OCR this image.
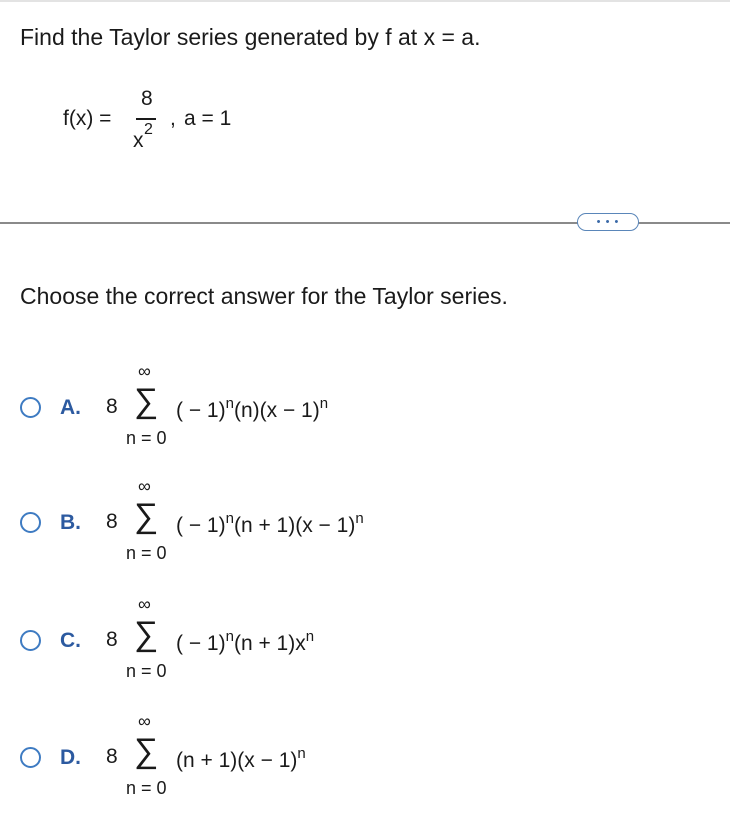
Find the Taylor series generated by f at x = a.
f(x) =
8
x 2 , a = 1
• • •
Choose the correct answer for the Taylor series.
A. 8
∞
∑
n = 0
( − $1)^n(n)(x - 1)^n$
B. 8
∞
∑
n = 0
( − $1)^n(n + 1)(x - 1)^n$
C. 8
∞
∑
n = 0
( − $1)^n(n + 1)x^n$
D. 8
∞
∑
n = 0
$(n + 1)(x - 1)^n$
